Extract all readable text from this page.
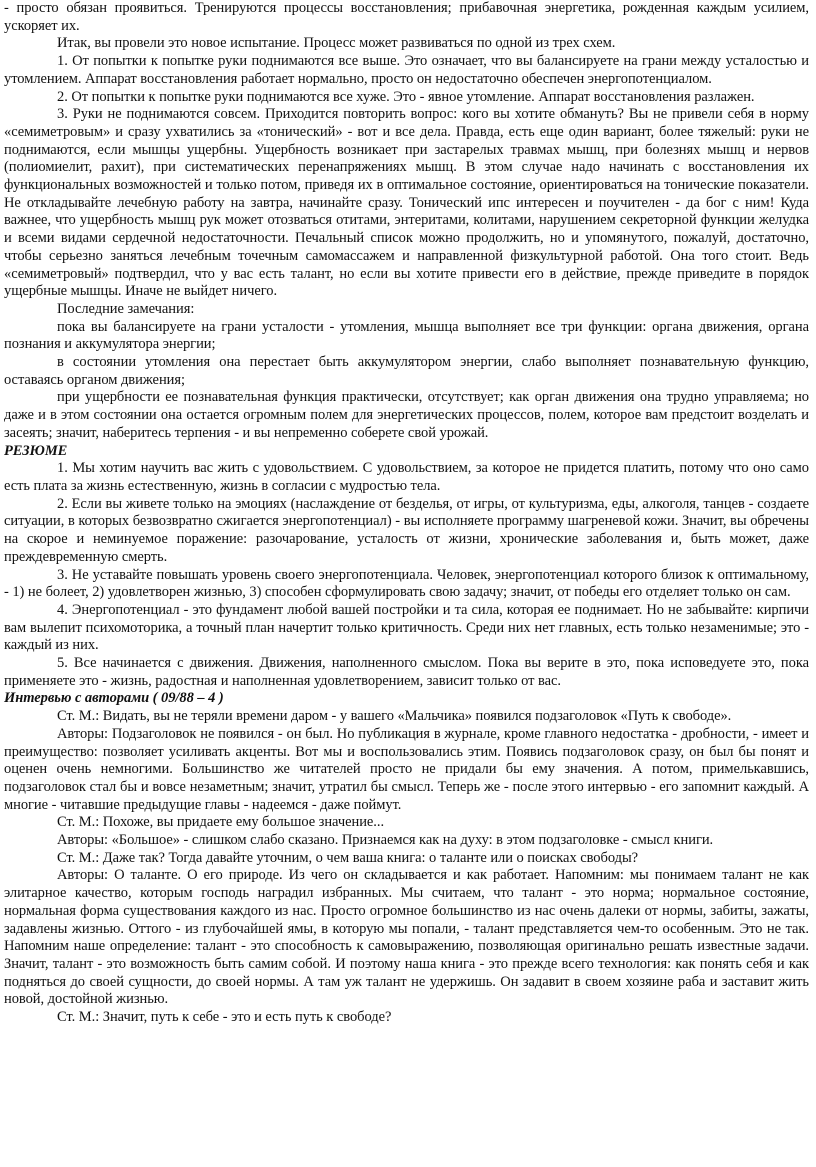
- просто обязан проявиться. Тренируются процессы восстановления; прибавочная энергетика, рожденная каждым усилием, ускоряет их.

Итак, вы провели это новое испытание. Процесс может развиваться по одной из трех схем.

1. От попытки к попытке руки поднимаются все выше. Это означает, что вы балансируете на грани между усталостью и утомлением. Аппарат восстановления работает нормально, просто он недостаточно обеспечен энергопотенциалом.

2. От попытки к попытке руки поднимаются все хуже. Это - явное утомление. Аппарат восстановления разлажен.

3. Руки не поднимаются совсем. Приходится повторить вопрос: кого вы хотите обмануть? Вы не привели себя в норму «семиметровым» и сразу ухватились за «тонический» - вот и все дела. Правда, есть еще один вариант, более тяжелый: руки не поднимаются, если мышцы ущербны. Ущербность возникает при застарелых травмах мышц, при болезнях мышц и нервов (полиомиелит, рахит), при систематических перенапряжениях мышц. В этом случае надо начинать с восстановления их функциональных возможностей и только потом, приведя их в оптимальное состояние, ориентироваться на тонические показатели. Не откладывайте лечебную работу на завтра, начинайте сразу. Тонический ипс интересен и поучителен - да бог с ним! Куда важнее, что ущербность мышц рук может отозваться отитами, энтеритами, колитами, нарушением секреторной функции желудка и всеми видами сердечной недостаточности. Печальный список можно продолжить, но и упомянутого, пожалуй, достаточно, чтобы серьезно заняться лечебным точечным самомассажем и направленной физкультурной работой. Она того стоит. Ведь «семиметровый» подтвердил, что у вас есть талант, но если вы хотите привести его в действие, прежде приведите в порядок ущербные мышцы. Иначе не выйдет ничего.

Последние замечания:

пока вы балансируете на грани усталости - утомления, мышца выполняет все три функции: органа движения, органа познания и аккумулятора энергии;

в состоянии утомления она перестает быть аккумулятором энергии, слабо выполняет познавательную функцию, оставаясь органом движения;

при ущербности ее познавательная функция практически, отсутствует; как орган движения она трудно управляема; но даже и в этом состоянии она остается огромным полем для энергетических процессов, полем, которое вам предстоит возделать и засеять; значит, наберитесь терпения - и вы непременно соберете свой урожай.

РЕЗЮМЕ

1. Мы хотим научить вас жить с удовольствием. С удовольствием, за которое не придется платить, потому что оно само есть плата за жизнь естественную, жизнь в согласии с мудростью тела.

2. Если вы живете только на эмоциях (наслаждение от безделья, от игры, от культуризма, еды, алкоголя, танцев - создаете ситуации, в которых безвозвратно сжигается энергопотенциал) - вы исполняете программу шагреневой кожи. Значит, вы обречены на скорое и неминуемое поражение: разочарование, усталость от жизни, хронические заболевания и, быть может, даже преждевременную смерть.

3. Не уставайте повышать уровень своего энергопотенциала. Человек, энергопотенциал которого близок к оптимальному, - 1) не болеет, 2) удовлетворен жизнью, 3) способен сформулировать свою задачу; значит, от победы его отделяет только он сам.

4. Энергопотенциал - это фундамент любой вашей постройки и та сила, которая ее поднимает. Но не забывайте: кирпичи вам вылепит психомоторика, а точный план начертит только критичность. Среди них нет главных, есть только незаменимые; это - каждый из них.

5. Все начинается с движения. Движения, наполненного смыслом. Пока вы верите в это, пока исповедуете это, пока применяете это - жизнь, радостная и наполненная удовлетворением, зависит только от вас.

Интервью с авторами ( 09/88 – 4 )

Ст. М.: Видать, вы не теряли времени даром - у вашего «Мальчика» появился подзаголовок «Путь к свободе».

Авторы: Подзаголовок не появился - он был. Но публикация в журнале, кроме главного недостатка - дробности, - имеет и преимущество: позволяет усиливать акценты. Вот мы и воспользовались этим. Появись подзаголовок сразу, он был бы понят и оценен очень немногими. Большинство же читателей просто не придали бы ему значения. А потом, примелькавшись, подзаголовок стал бы и вовсе незаметным; значит, утратил бы смысл. Теперь же - после этого интервью - его запомнит каждый. А многие - читавшие предыдущие главы - надеемся - даже поймут.

Ст. М.: Похоже, вы придаете ему большое значение...

Авторы: «Большое» - слишком слабо сказано. Признаемся как на духу: в этом подзаголовке - смысл книги.

Ст. М.: Даже так? Тогда давайте уточним, о чем ваша книга: о таланте или о поисках свободы?

Авторы: О таланте. О его природе. Из чего он складывается и как работает. Напомним: мы понимаем талант не как элитарное качество, которым господь наградил избранных. Мы считаем, что талант - это норма; нормальное состояние, нормальная форма существования каждого из нас. Просто огромное большинство из нас очень далеки от нормы, забиты, зажаты, задавлены жизнью. Оттого - из глубочайшей ямы, в которую мы попали, - талант представляется чем-то особенным. Это не так. Напомним наше определение: талант - это способность к самовыражению, позволяющая оригинально решать известные задачи. Значит, талант - это возможность быть самим собой. И поэтому наша книга - это прежде всего технология: как понять себя и как подняться до своей сущности, до своей нормы. А там уж талант не удержишь. Он задавит в своем хозяине раба и заставит жить новой, достойной жизнью.

Ст. М.: Значит, путь к себе - это и есть путь к свободе?
